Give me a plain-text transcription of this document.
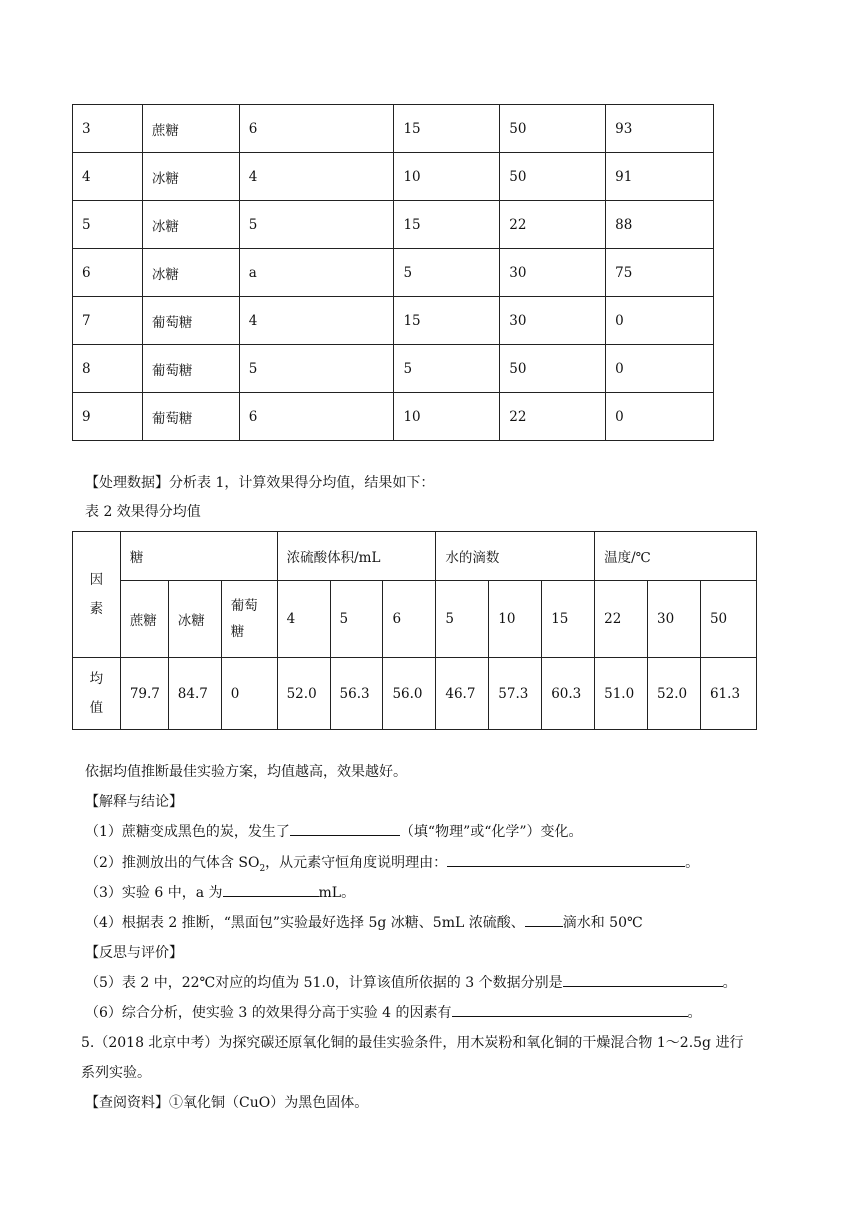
3	蔗糖	6	15	50	93
4	冰糖	4	10	50	91
5	冰糖	5	15	22	88
6	冰糖	a	5	30	75
7	葡萄糖	4	15	30	0
8	葡萄糖	5	5	50	0
9	葡萄糖	6	10	22	0
【处理数据】分析表 1，计算效果得分均值，结果如下：
表 2 效果得分均值
因素	糖			浓硫酸体积/mL			水的滴数			温度/℃		
	蔗糖	冰糖	葡萄糖	4	5	6	5	10	15	22	30	50
均值	79.7	84.7	0	52.0	56.3	56.0	46.7	57.3	60.3	51.0	52.0	61.3
依据均值推断最佳实验方案，均值越高，效果越好。
【解释与结论】
（1）蔗糖变成黑色的炭，发生了	（填“物理”或“化学”）变化。
（2）推测放出的气体含 $SO_2$，从元素守恒角度说明理由：	。
（3）实验 6 中，a 为	mL。
（4）根据表 2 推断，“黑面包”实验最好选择 5g 冰糖、5mL 浓硫酸、	滴水和 50℃
【反思与评价】
（5）表 2 中，22℃对应的均值为 51.0，计算该值所依据的 3 个数据分别是	。
（6）综合分析，使实验 3 的效果得分高于实验 4 的因素有	。
5.（2018 北京中考）为探究碳还原氧化铜的最佳实验条件，用木炭粉和氧化铜的干燥混合物 1～2.5g 进行
系列实验。
【查阅资料】①氧化铜（CuO）为黑色固体。
